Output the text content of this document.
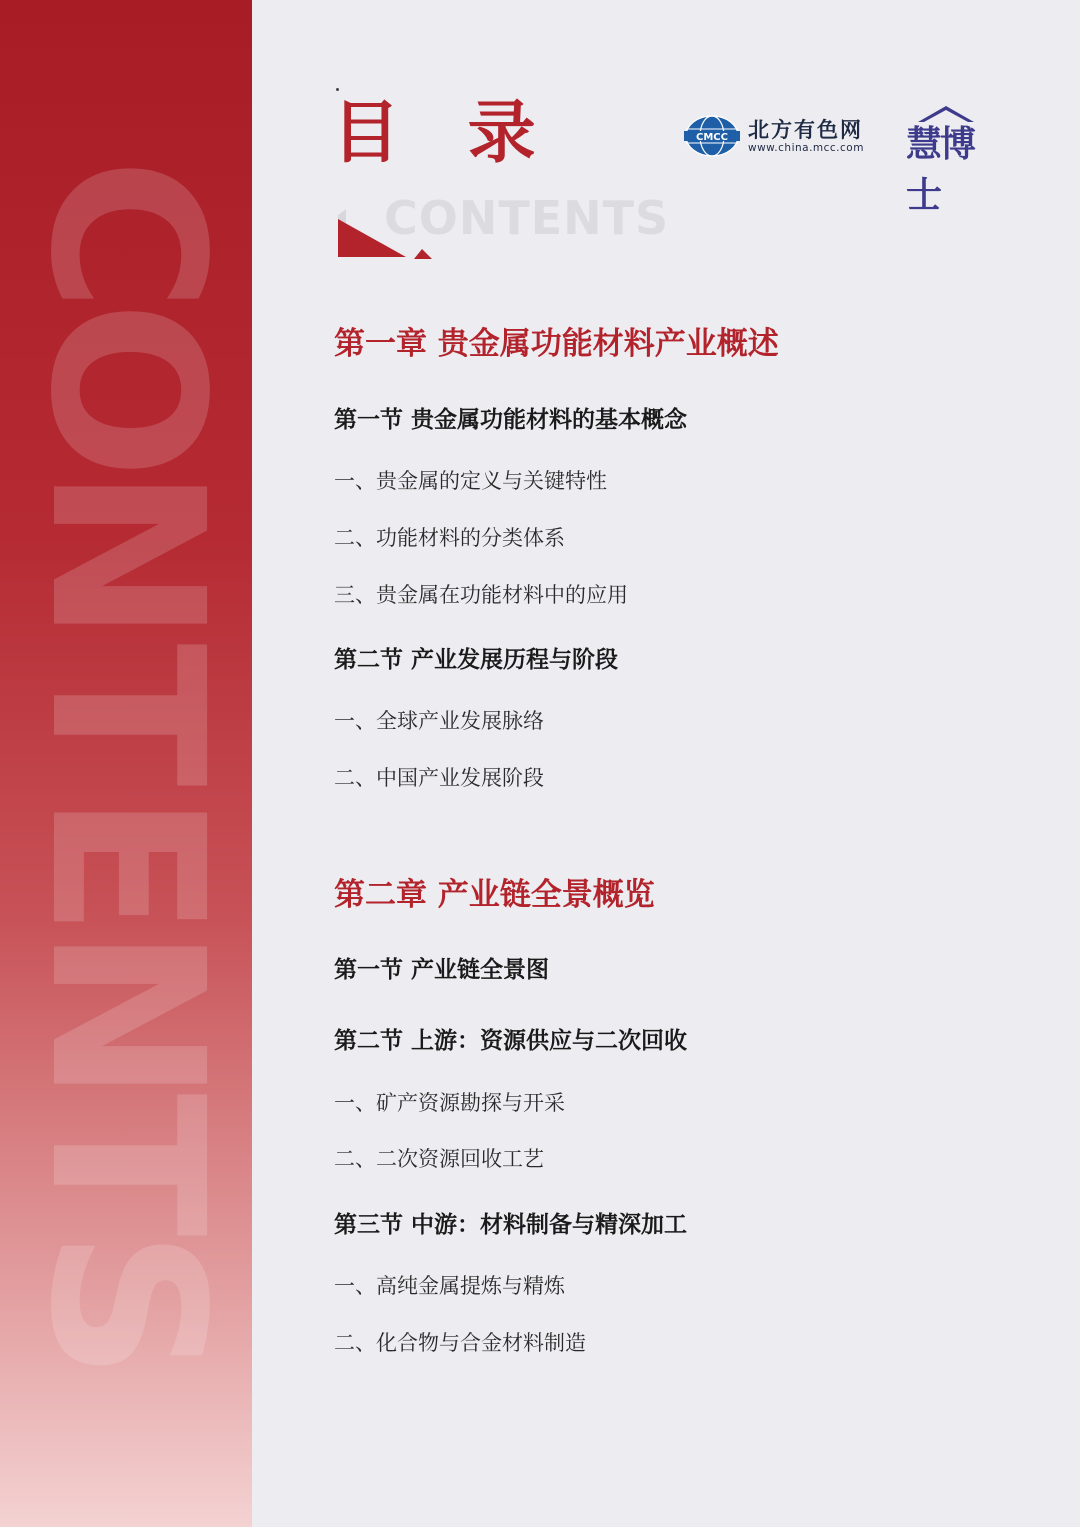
C
O
N
T
E
N
T
S
目 录
CONTENTS
CMCC 北方有色网
www.china.mcc.com 慧博士
第一章 贵金属功能材料产业概述
第一节 贵金属功能材料的基本概念
一、贵金属的定义与关键特性
二、功能材料的分类体系
三、贵金属在功能材料中的应用
第二节 产业发展历程与阶段
一、全球产业发展脉络
二、中国产业发展阶段
第二章 产业链全景概览
第一节 产业链全景图
第二节 上游：资源供应与二次回收
一、矿产资源勘探与开采
二、二次资源回收工艺
第三节 中游：材料制备与精深加工
一、高纯金属提炼与精炼
二、化合物与合金材料制造
